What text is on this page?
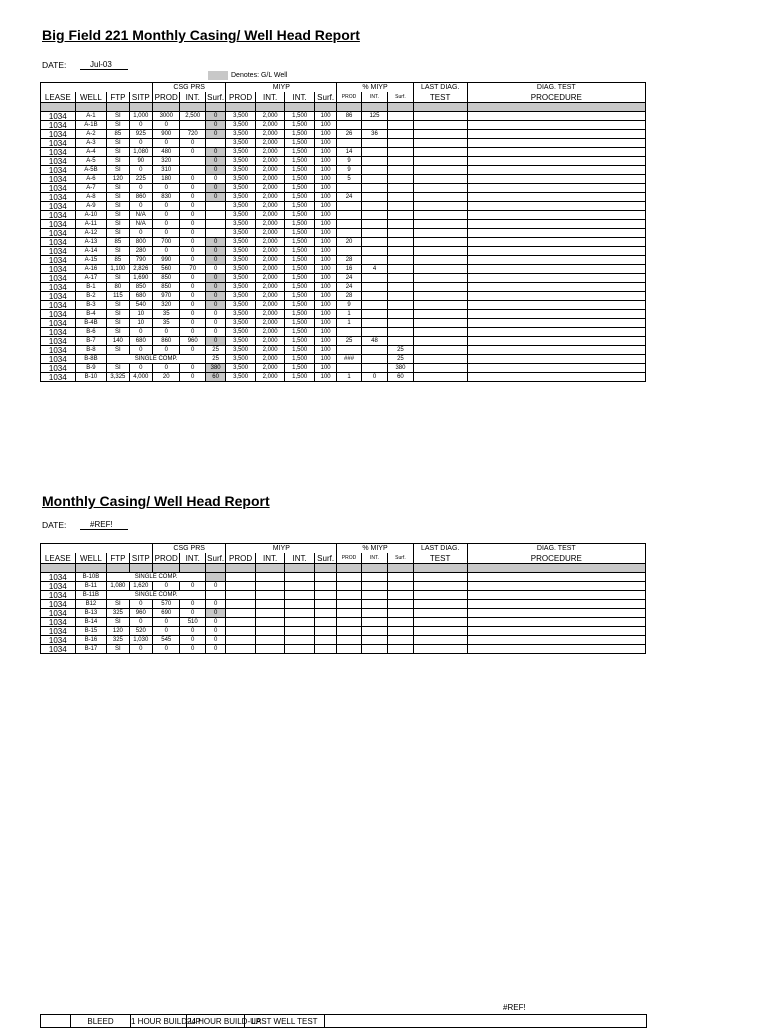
Big Field 221 Monthly Casing/ Well Head Report
DATE:	Jul-03
Denotes: G/L Well
				CSG PRS			MIYP				% MIYP			LAST DIAG.	DIAG. TEST
LEASE	WELL	FTP	SITP	PROD	INT.	Surf.	PROD	INT.	INT.	Surf.	PROD	INT.	Surf.	TEST	PROCEDURE

1034	A-1	SI	1,000	3000	2,500	0	3,500	2,000	1,500	100	86	125			
1034	A-1B	SI	0	0		0	3,500	2,000	1,500	100					
1034	A-2	85	925	900	720	0	3,500	2,000	1,500	100	26	36			
1034	A-3	SI	0	0	0		3,500	2,000	1,500	100					
1034	A-4	SI	1,080	480	0	0	3,500	2,000	1,500	100	14				
1034	A-5	SI	90	320		0	3,500	2,000	1,500	100	9				
1034	A-5B	SI	0	310		0	3,500	2,000	1,500	100	9				
1034	A-6	120	225	180	0	0	3,500	2,000	1,500	100	5				
1034	A-7	SI	0	0	0	0	3,500	2,000	1,500	100					
1034	A-8	SI	860	830	0	0	3,500	2,000	1,500	100	24				
1034	A-9	SI	0	0	0		3,500	2,000	1,500	100					
1034	A-10	SI	N/A	0	0		3,500	2,000	1,500	100					
1034	A-11	SI	N/A	0	0		3,500	2,000	1,500	100					
1034	A-12	SI	0	0	0		3,500	2,000	1,500	100					
1034	A-13	85	800	700	0	0	3,500	2,000	1,500	100	20				
1034	A-14	SI	280	0	0	0	3,500	2,000	1,500	100					
1034	A-15	85	790	990	0	0	3,500	2,000	1,500	100	28				
1034	A-16	1,100	2,826	560	70	0	3,500	2,000	1,500	100	16	4			
1034	A-17	SI	1,690	850	0	0	3,500	2,000	1,500	100	24				
1034	B-1	80	850	850	0	0	3,500	2,000	1,500	100	24				
1034	B-2	115	680	970	0	0	3,500	2,000	1,500	100	28				
1034	B-3	SI	540	320	0	0	3,500	2,000	1,500	100	9				
1034	B-4	SI	10	35	0	0	3,500	2,000	1,500	100	1				
1034	B-4B	SI	10	35	0	0	3,500	2,000	1,500	100	1				
1034	B-6	SI	0	0	0	0	3,500	2,000	1,500	100					
1034	B-7	140	680	860	960	0	3,500	2,000	1,500	100	25	48			
1034	B-8	SI	0	0	0	25	3,500	2,000	1,500	100			25		
1034	B-8B	SINGLE COMP.				25	3,500	2,000	1,500	100	###		25		
1034	B-9	SI	0	0	0	380	3,500	2,000	1,500	100			380		
1034	B-10	3,325	4,000	20	0	60	3,500	2,000	1,500	100	1	0	60		
Monthly Casing/ Well Head Report
DATE:	#REF!
				CSG PRS			MIYP				% MIYP			LAST DIAG.	DIAG. TEST
LEASE	WELL	FTP	SITP	PROD	INT.	Surf.	PROD	INT.	INT.	Surf.	PROD	INT.	Surf.	TEST	PROCEDURE

1034	B-10B	SINGLE COMP.													
1034	B-11	1,080	1,620	0	0	0									
1034	B-11B	SINGLE COMP.													
1034	B12	SI	0	570	0	0									
1034	B-13	325	960	690	0	0									
1034	B-14	SI	0	0	510	0									
1034	B-15	120	520	0	0	0									
1034	B-16	325	1,030	545	0	0									
1034	B-17	SI	0	0	0	0									
#REF!
	BLEED	1 HOUR BUILD-UP	24 HOUR BUILD-UP	LAST WELL TEST	
